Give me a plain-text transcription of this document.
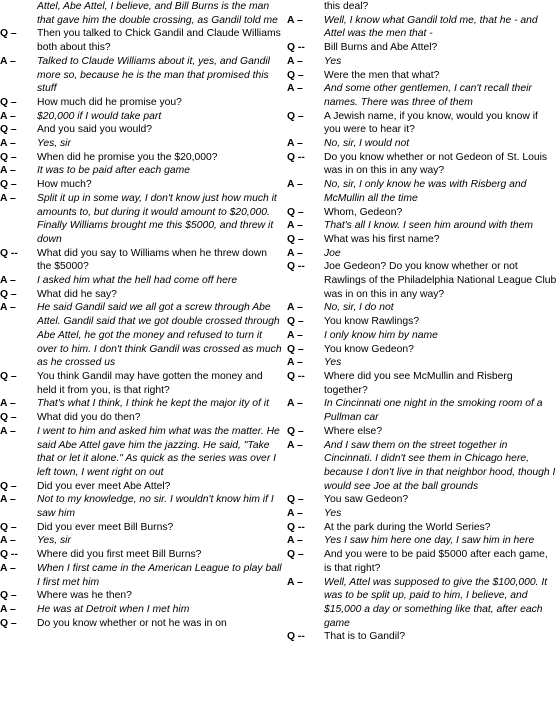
Attel, Abe Attel, I believe, and Bill Burns is the man that gave him the double crossing, as Gandil told me
Q –	Then you talked to Chick Gandil and Claude Williams both about this?
A –	Talked to Claude Williams about it, yes, and Gandil more so, because he is the man that promised this stuff
Q –	How much did he promise you?
A –	$20,000 if I would take part
Q –	And you said you would?
A –	Yes, sir
Q –	When did he promise you the $20,000?
A –	It was to be paid after each game
Q –	How much?
A –	Split it up in some way, I don't know just how much it amounts to, but during it would amount to $20,000. Finally Williams brought me this $5000, and threw it down
Q --	What did you say to Williams when he threw down the $5000?
A –	I asked him what the hell had come off here
Q –	What did he say?
A –	He said Gandil said we all got a screw through Abe Attel. Gandil said that we got double crossed through Abe Attel, he got the money and refused to turn it over to him. I don't think Gandil was crossed as much as he crossed us
Q –	You think Gandil may have gotten the money and held it from you, is that right?
A –	That's what I think, I think he kept the major ity of it
Q –	What did you do then?
A –	I went to him and asked him what was the matter. He said Abe Attel gave him the jazzing. He said, "Take that or let it alone." As quick as the series was over I left town, I went right on out
Q –	Did you ever meet Abe Attel?
A –	Not to my knowledge, no sir. I wouldn't know him if I saw him
Q –	Did you ever meet Bill Burns?
A –	Yes, sir
Q --	Where did you first meet Bill Burns?
A –	When I first came in the American League to play ball I first met him
Q –	Where was he then?
A –	He was at Detroit when I met him
Q –	Do you know whether or not he was in on
this deal?
A –	Well, I know what Gandil told me, that he - and Attel was the men that -
Q --	Bill Burns and Abe Attel?
A –	Yes
Q –	Were the men that what?
A –	And some other gentlemen, I can't recall their names. There was three of them
Q –	A Jewish name, if you know, would you know if you were to hear it?
A –	No, sir, I would not
Q --	Do you know whether or not Gedeon of St. Louis was in on this in any way?
A –	No, sir, I only know he was with Risberg and McMullin all the time
Q –	Whom, Gedeon?
A –	That's all I know. I seen him around with them
Q –	What was his first name?
A –	Joe
Q --	Joe Gedeon? Do you know whether or not Rawlings of the Philadelphia National League Club was in on this in any way?
A –	No, sir, I do not
Q –	You know Rawlings?
A –	I only know him by name
Q –	You know Gedeon?
A –	Yes
Q --	Where did you see McMullin and Risberg together?
A –	In Cincinnati one night in the smoking room of a Pullman car
Q –	Where else?
A –	And I saw them on the street together in Cincinnati. I didn't see them in Chicago here, because I don't live in that neighbor hood, though I would see Joe at the ball grounds
Q –	You saw Gedeon?
A –	Yes
Q --	At the park during the World Series?
A –	Yes I saw him here one day, I saw him in here
Q –	And you were to be paid $5000 after each game, is that right?
A –	Well, Attel was supposed to give the $100,000. It was to be split up, paid to him, I believe, and $15,000 a day or something like that, after each game
Q --	That is to Gandil?
